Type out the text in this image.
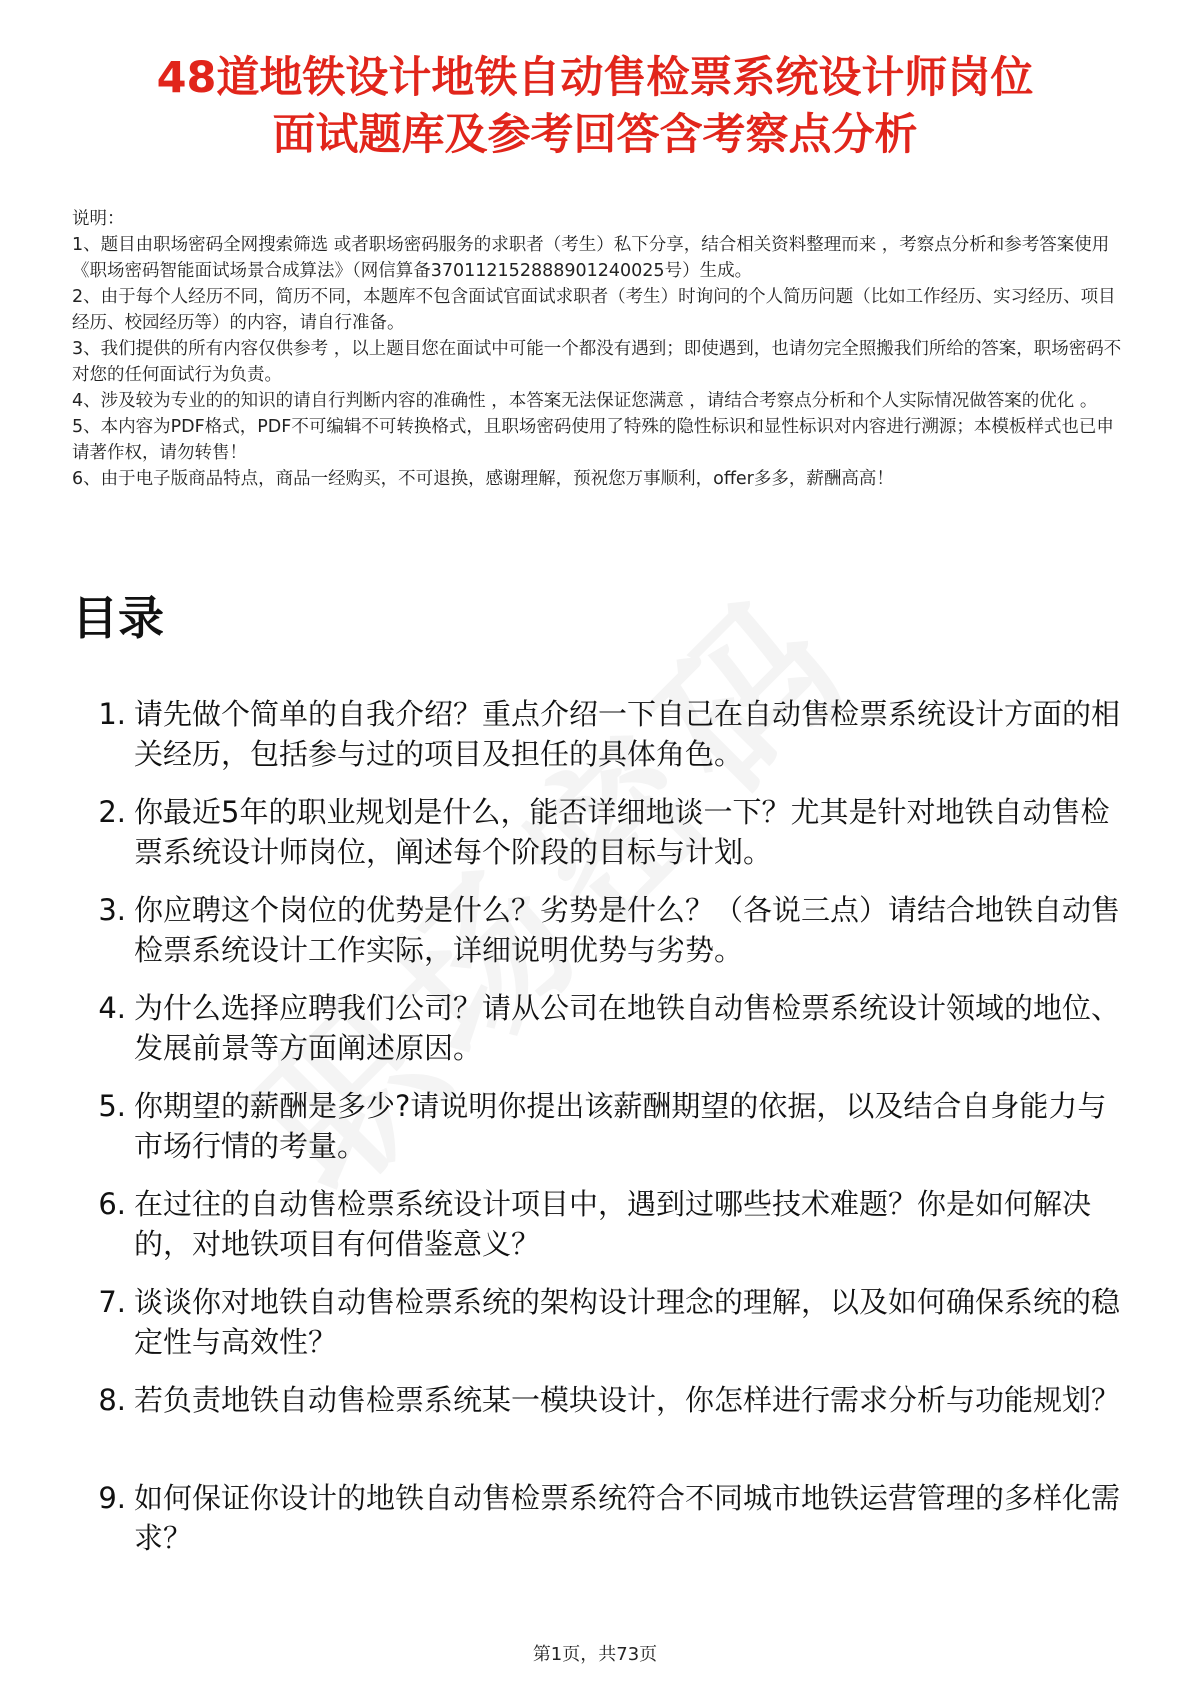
48道地铁设计地铁自动售检票系统设计师岗位
面试题库及参考回答含考察点分析

说明：

1、题目由职场密码全网搜索筛选 或者职场密码服务的求职者（考生）私下分享，结合相关资料整理而来 ，考察点分析和参考答案使用《职场密码智能面试场景合成算法》（网信算备370112152888901240025号）生成。

2、由于每个人经历不同，简历不同，本题库不包含面试官面试求职者（考生）时询问的个人简历问题（比如工作经历、实习经历、项目经历、校园经历等）的内容，请自行准备。

3、我们提供的所有内容仅供参考 ，以上题目您在面试中可能一个都没有遇到；即使遇到，也请勿完全照搬我们所给的答案，职场密码不对您的任何面试行为负责。

4、涉及较为专业的的知识的请自行判断内容的准确性 ，本答案无法保证您满意 ，请结合考察点分析和个人实际情况做答案的优化 。

5、本内容为PDF格式，PDF不可编辑不可转换格式，且职场密码使用了特殊的隐性标识和显性标识对内容进行溯源；本模板样式也已申请著作权，请勿转售！

6、由于电子版商品特点，商品一经购买，不可退换，感谢理解，预祝您万事顺利，offer多多，薪酬高高！

目录
1. 请先做个简单的自我介绍？重点介绍一下自己在自动售检票系统设计方面的相关经历，包括参与过的项目及担任的具体角色。
2. 你最近5年的职业规划是什么，能否详细地谈一下？尤其是针对地铁自动售检票系统设计师岗位，阐述每个阶段的目标与计划。
3. 你应聘这个岗位的优势是什么？劣势是什么？（各说三点）请结合地铁自动售检票系统设计工作实际，详细说明优势与劣势。
4. 为什么选择应聘我们公司？请从公司在地铁自动售检票系统设计领域的地位、发展前景等方面阐述原因。
5. 你期望的薪酬是多少?请说明你提出该薪酬期望的依据，以及结合自身能力与市场行情的考量。
6. 在过往的自动售检票系统设计项目中，遇到过哪些技术难题？你是如何解决的，对地铁项目有何借鉴意义？
7. 谈谈你对地铁自动售检票系统的架构设计理念的理解，以及如何确保系统的稳定性与高效性？
8. 若负责地铁自动售检票系统某一模块设计，你怎样进行需求分析与功能规划？
9. 如何保证你设计的地铁自动售检票系统符合不同城市地铁运营管理的多样化需求？
第1页，共73页
